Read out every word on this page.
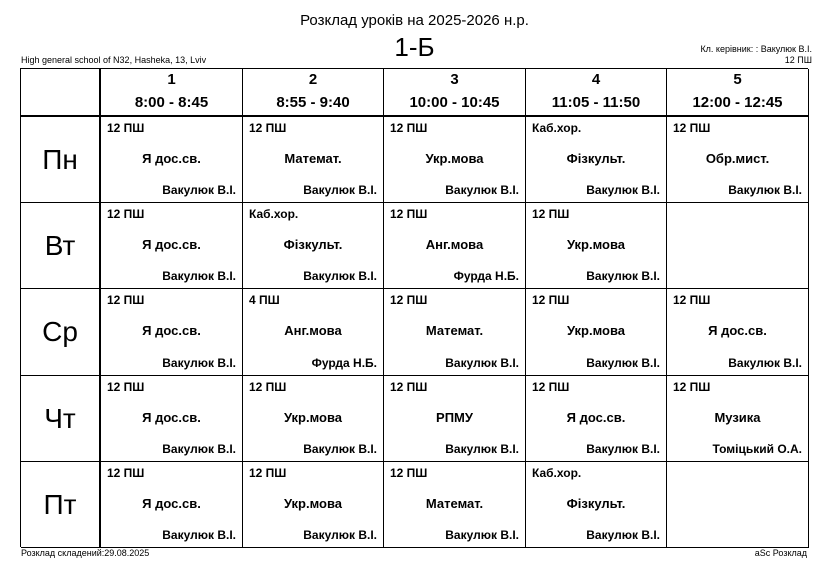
Розклад уроків на 2025-2026 н.р.
1-Б
High general school of N32, Hasheka, 13, Lviv
Кл. керівник: : Вакулюк В.І.
12 ПШ
1
8:00 - 8:45
2
8:55 - 9:40
3
10:00 - 10:45
4
11:05 - 11:50
5
12:00 - 12:45
Пн
12 ПШ
Я дос.св.
Вакулюк В.І.
12 ПШ
Математ.
Вакулюк В.І.
12 ПШ
Укр.мова
Вакулюк В.І.
Каб.хор.
Фізкульт.
Вакулюк В.І.
12 ПШ
Обр.мист.
Вакулюк В.І.
Вт
12 ПШ
Я дос.св.
Вакулюк В.І.
Каб.хор.
Фізкульт.
Вакулюк В.І.
12 ПШ
Анг.мова
Фурда Н.Б.
12 ПШ
Укр.мова
Вакулюк В.І.
Ср
12 ПШ
Я дос.св.
Вакулюк В.І.
4 ПШ
Анг.мова
Фурда Н.Б.
12 ПШ
Математ.
Вакулюк В.І.
12 ПШ
Укр.мова
Вакулюк В.І.
12 ПШ
Я дос.св.
Вакулюк В.І.
Чт
12 ПШ
Я дос.св.
Вакулюк В.І.
12 ПШ
Укр.мова
Вакулюк В.І.
12 ПШ
РПМУ
Вакулюк В.І.
12 ПШ
Я дос.св.
Вакулюк В.І.
12 ПШ
Музика
Томіцький О.А.
Пт
12 ПШ
Я дос.св.
Вакулюк В.І.
12 ПШ
Укр.мова
Вакулюк В.І.
12 ПШ
Математ.
Вакулюк В.І.
Каб.хор.
Фізкульт.
Вакулюк В.І.
Розклад складений:29.08.2025	aSc Розклад
